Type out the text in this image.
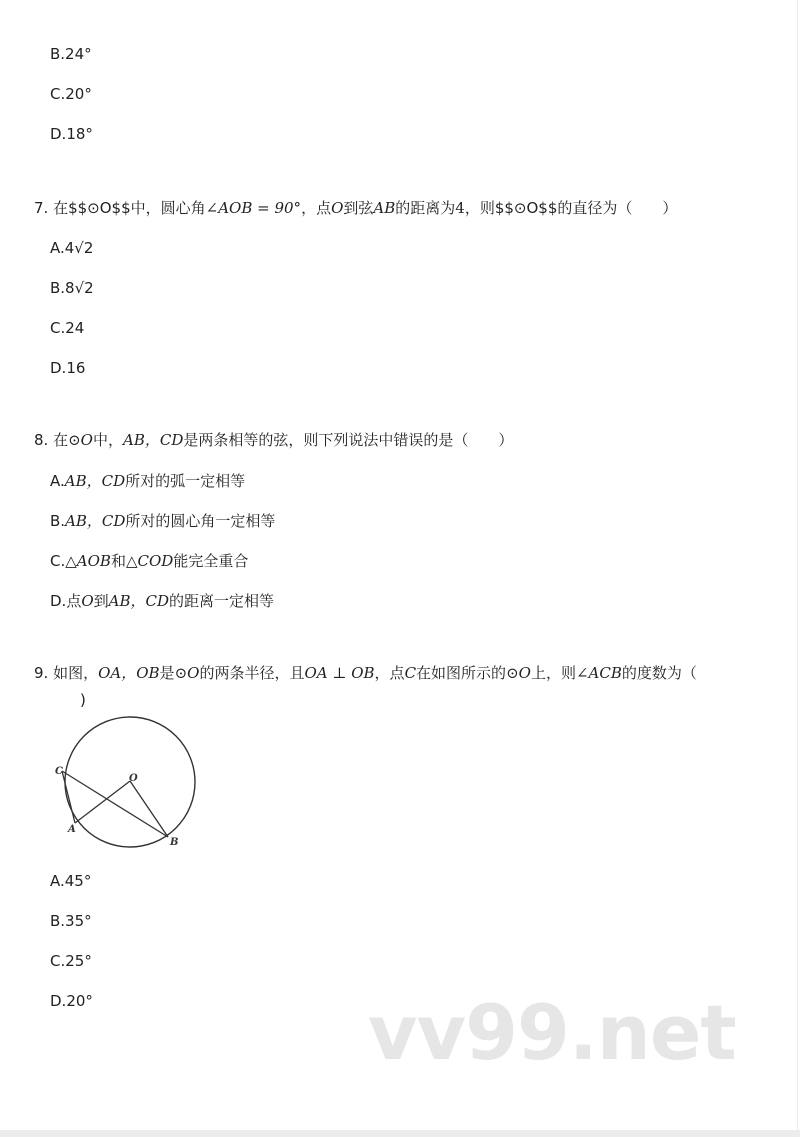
B.24°
C.20°
D.18°
7. 在$$⊙O$$中，圆心角∠AOB = 90°，点O到弦AB的距离为4，则$$⊙O$$的直径为（　　）
A.4√2
B.8√2
C.24
D.16
8. 在⊙O中，AB，CD是两条相等的弦，则下列说法中错误的是（　　）
A.AB，CD所对的弧一定相等
B.AB，CD所对的圆心角一定相等
C.△AOB和△COD能完全重合
D.点O到AB，CD的距离一定相等
9. 如图，OA，OB是⊙O的两条半径，且OA ⊥ OB，点C在如图所示的⊙O上，则∠ACB的度数为（
)
C
O
A
B
A.45°
B.35°
C.25°
D.20°	vv99.net
